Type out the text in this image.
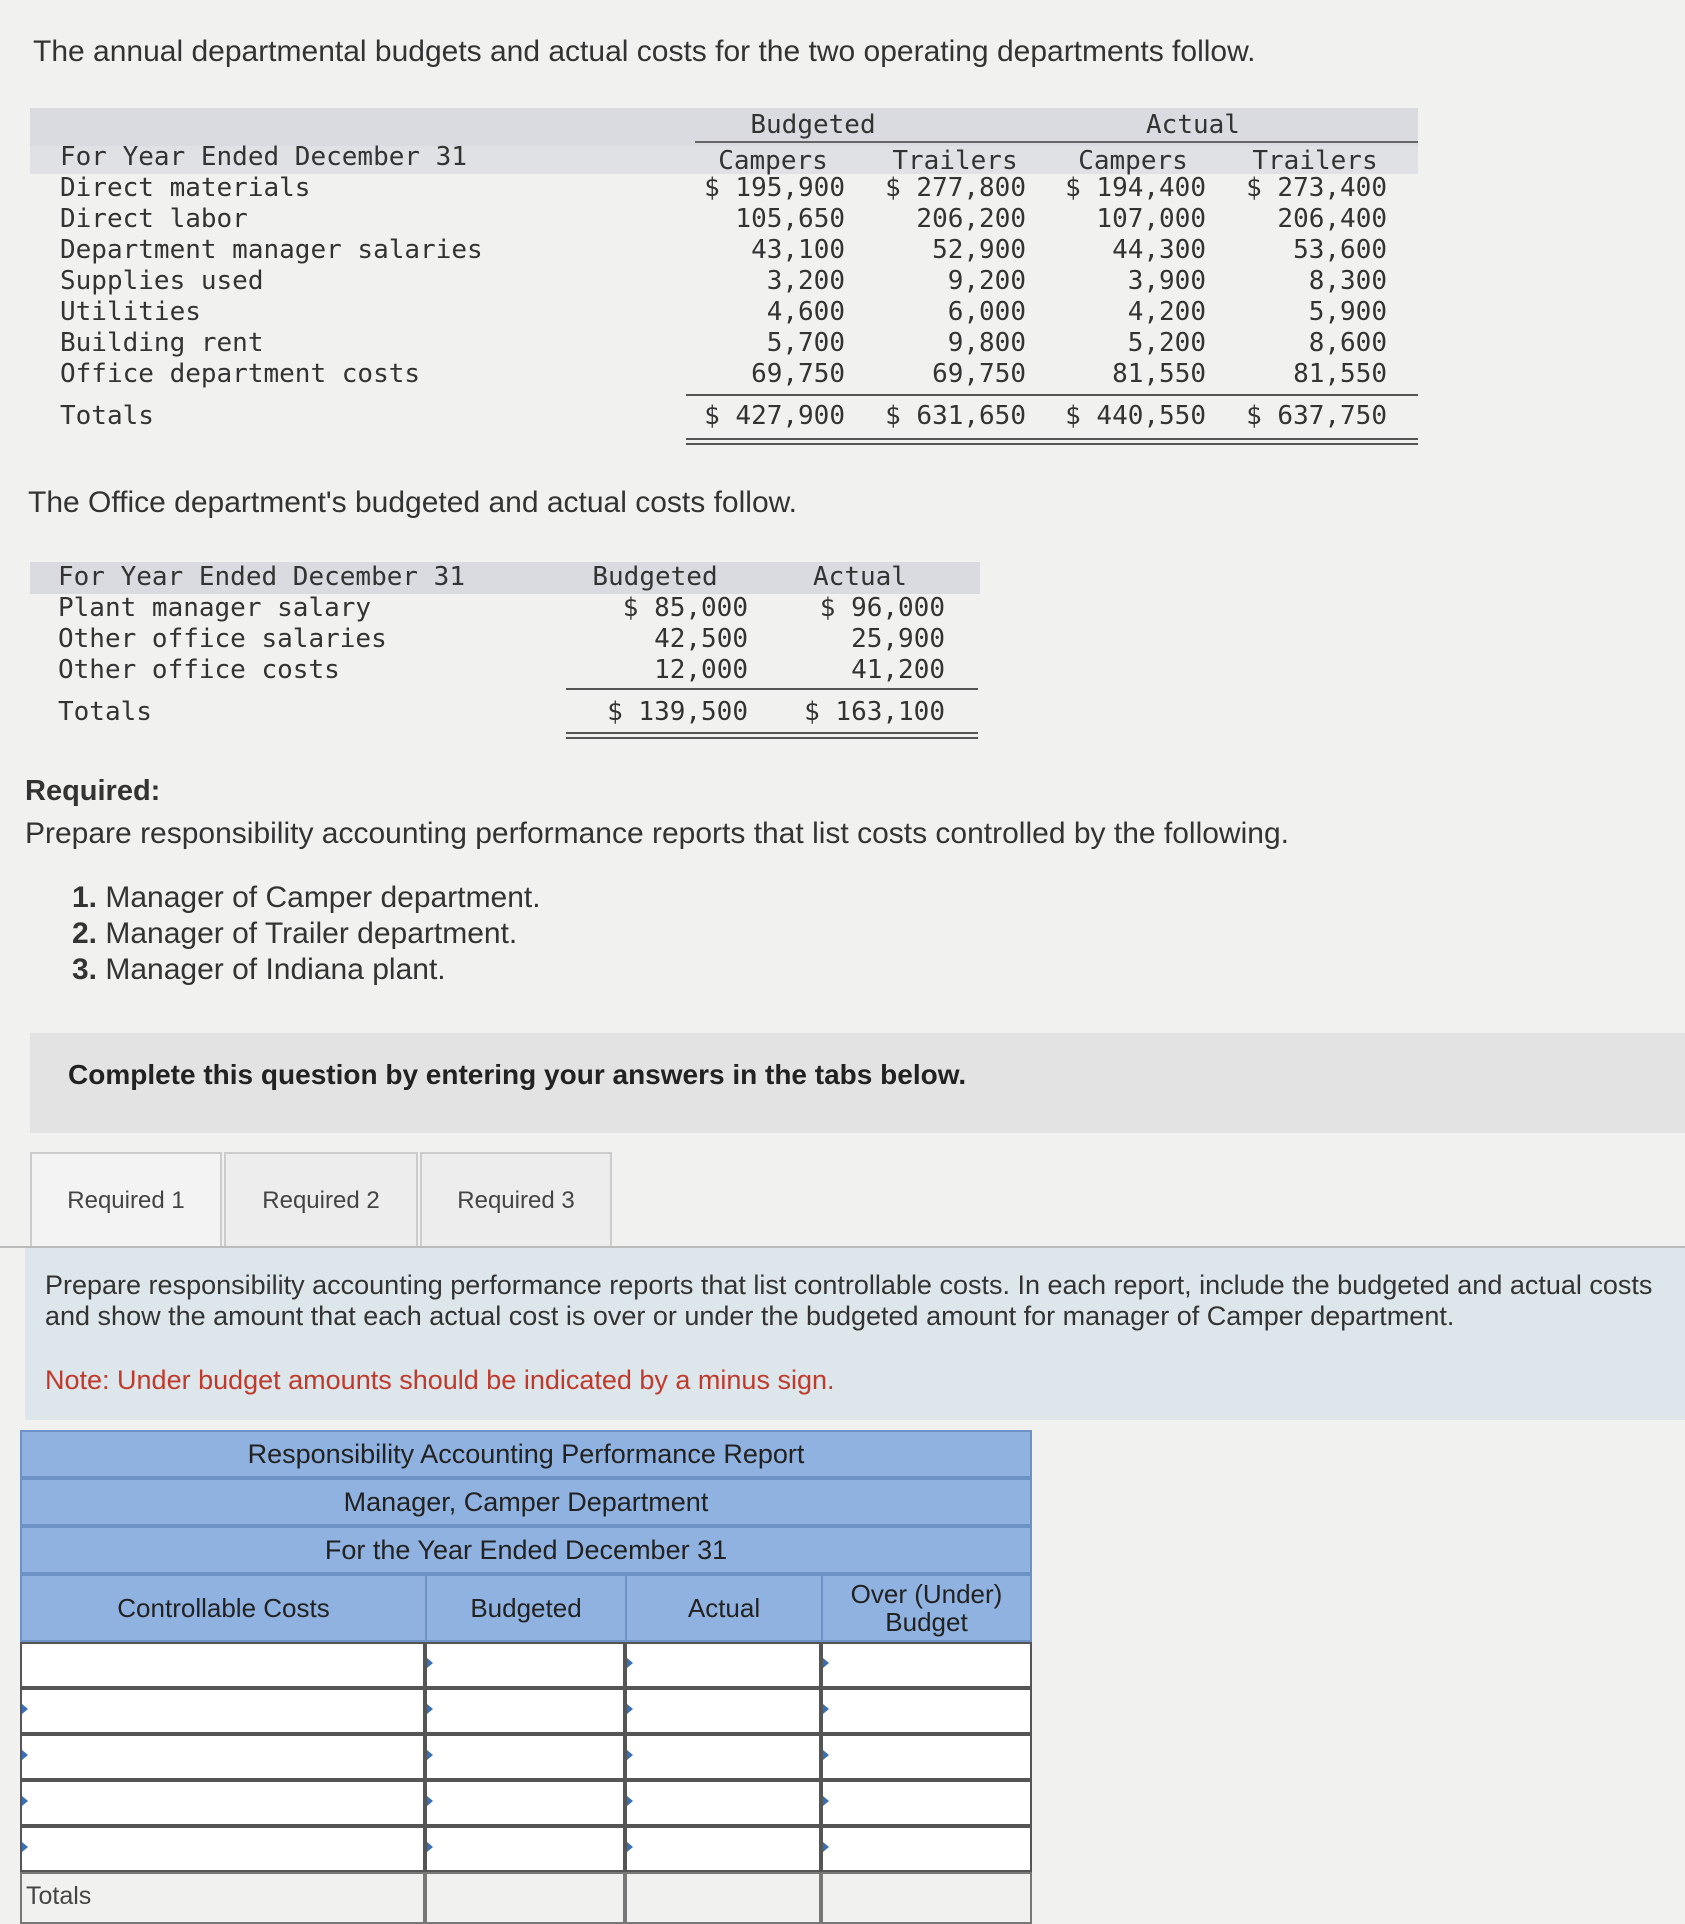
The annual departmental budgets and actual costs for the two operating departments follow.
Budgeted	Actual
Campers	Trailers	Campers	Trailers
For Year Ended December 31
Direct materials	$ 195,900	$ 277,800	$ 194,400	$ 273,400
Direct labor	105,650	206,200	107,000	206,400
Department manager salaries	43,100	52,900	44,300	53,600
Supplies used	3,200	9,200	3,900	8,300
Utilities	4,600	6,000	4,200	5,900
Building rent	5,700	9,800	5,200	8,600
Office department costs	69,750	69,750	81,550	81,550
Totals	$ 427,900	$ 631,650	$ 440,550	$ 637,750
The Office department's budgeted and actual costs follow.
For Year Ended December 31	Budgeted	Actual
Plant manager salary	$ 85,000	$ 96,000
Other office salaries	42,500	25,900
Other office costs	12,000	41,200
Totals	$ 139,500	$ 163,100
Required:
Prepare responsibility accounting performance reports that list costs controlled by the following.
1. Manager of Camper department.
2. Manager of Trailer department.
3. Manager of Indiana plant.
Complete this question by entering your answers in the tabs below.
Required 1	Required 2	Required 3
Prepare responsibility accounting performance reports that list controllable costs. In each report, include the budgeted and actual costs and show the amount that each actual cost is over or under the budgeted amount for manager of Camper department.
Note: Under budget amounts should be indicated by a minus sign.
Responsibility Accounting Performance Report
Manager, Camper Department
For the Year Ended December 31
Controllable Costs	Budgeted	Actual	Over (Under) Budget
Totals
